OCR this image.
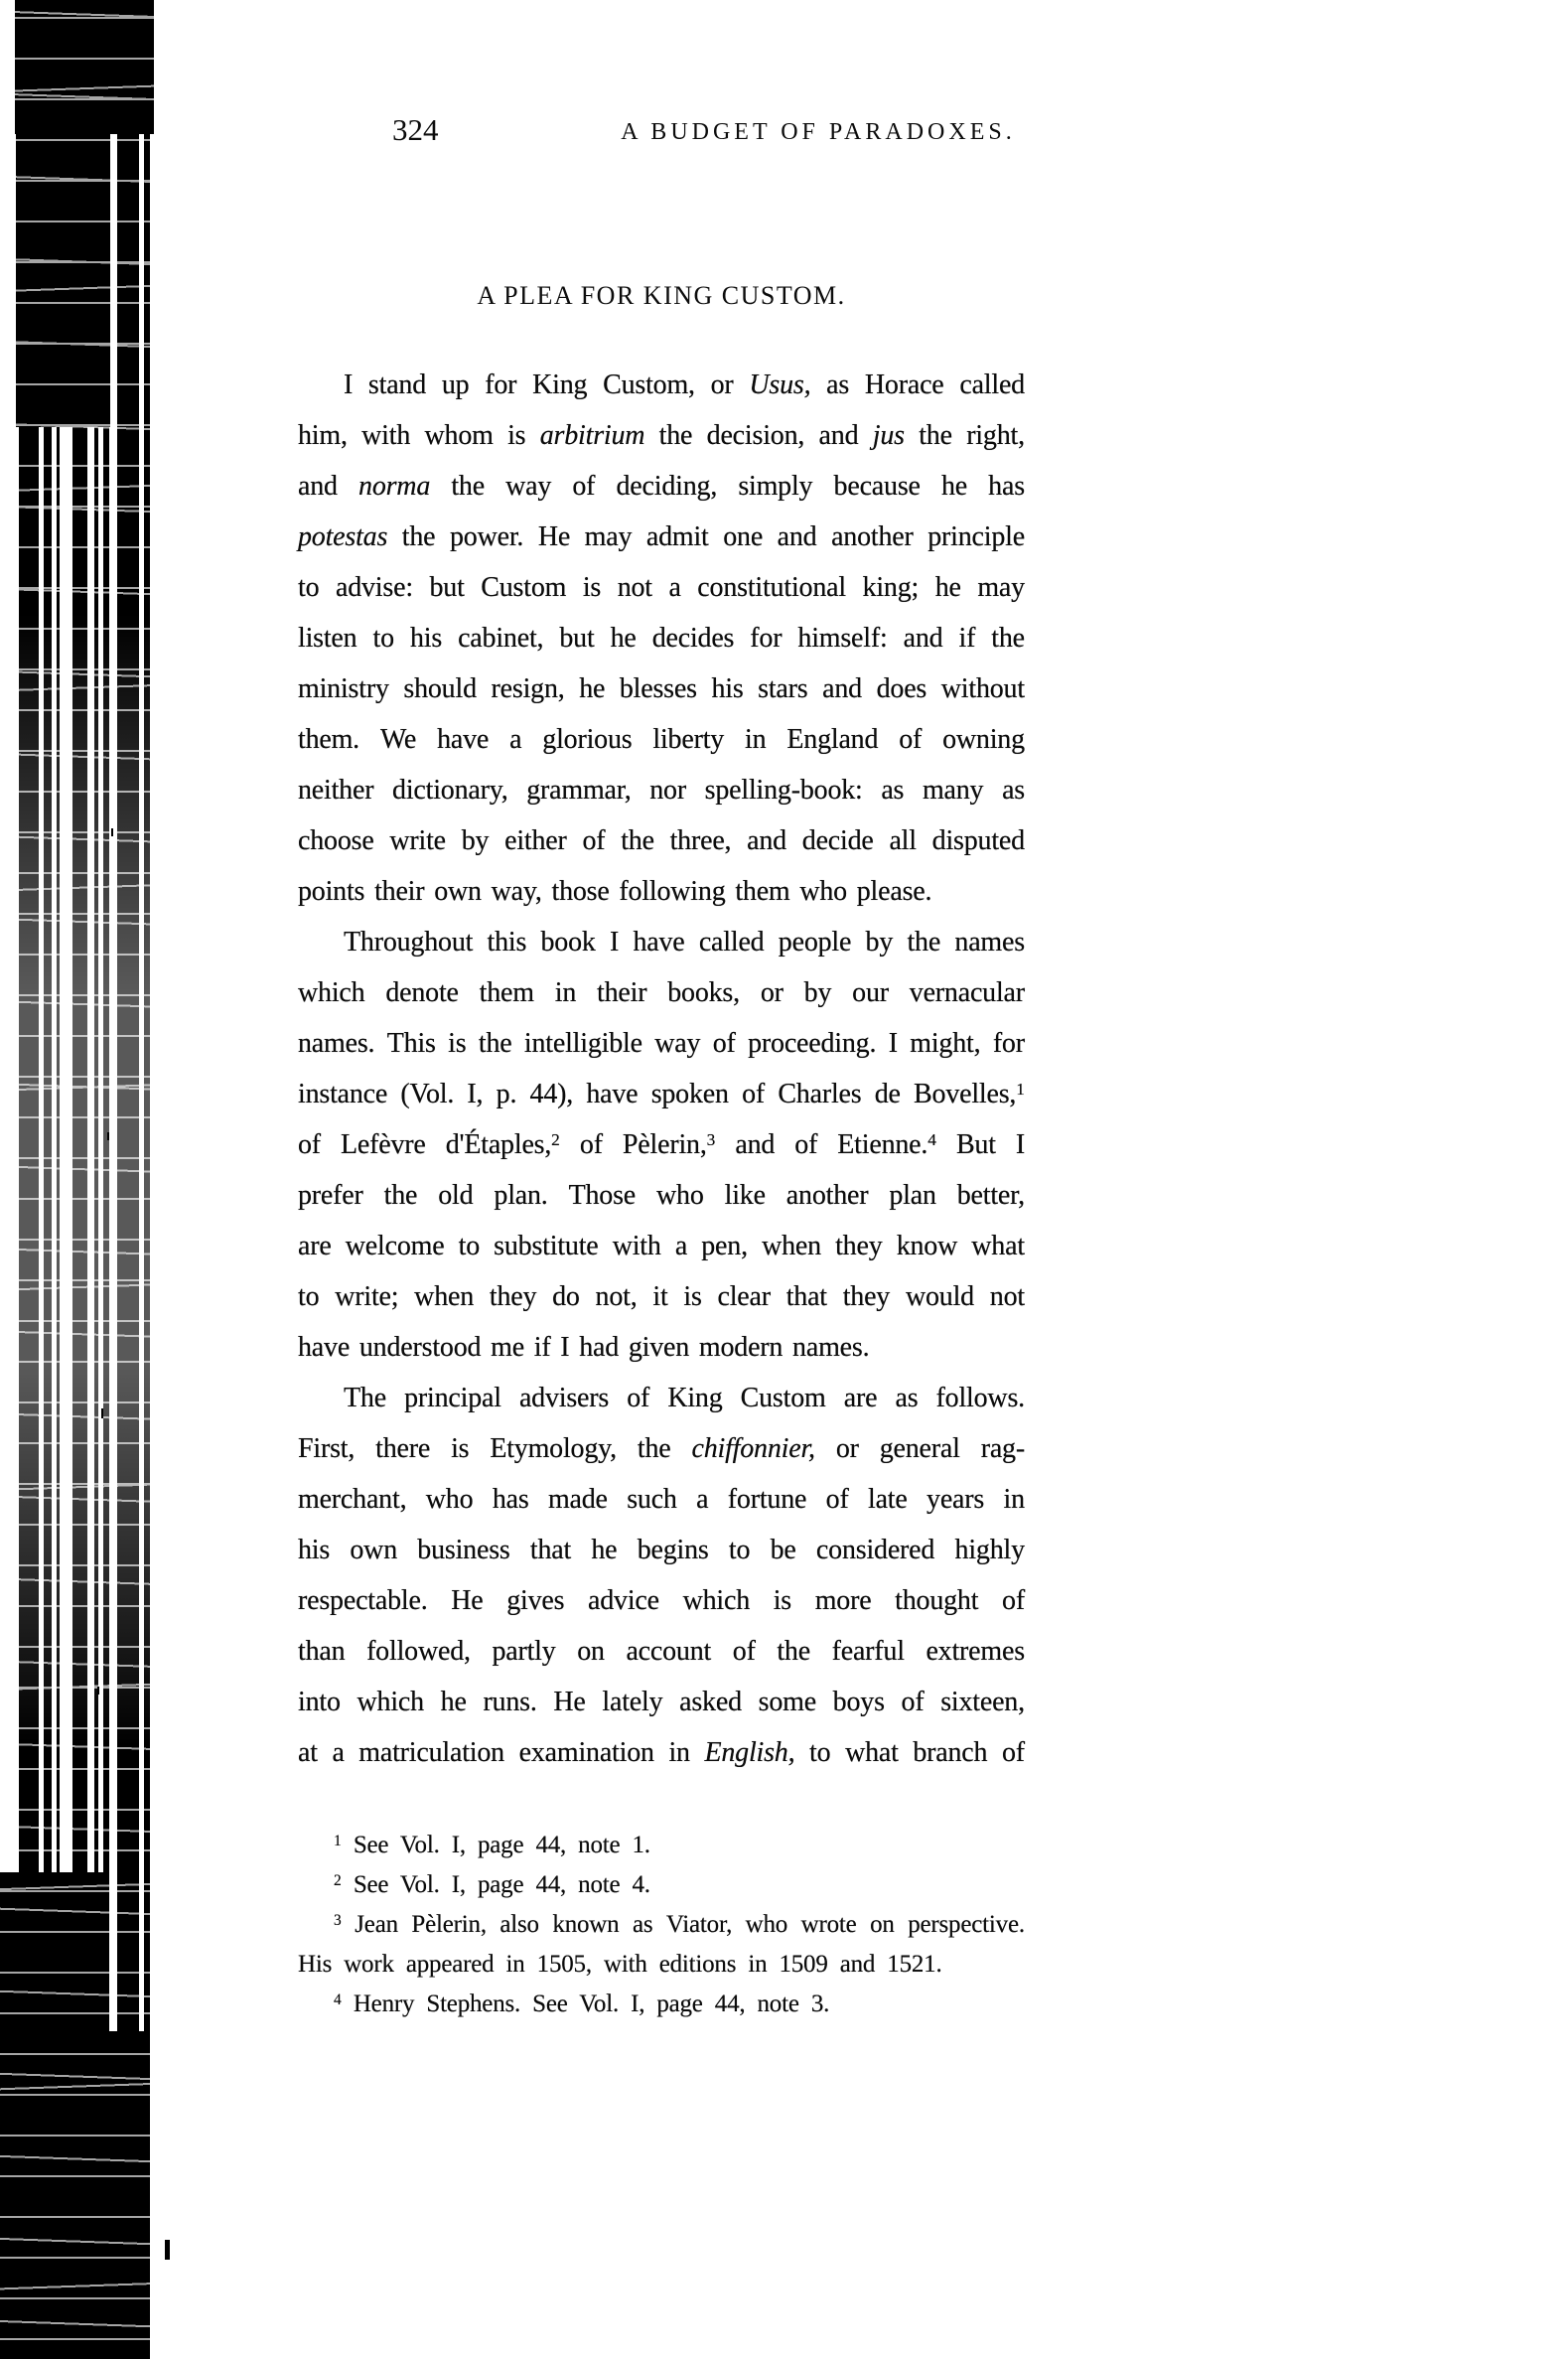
324	A BUDGET OF PARADOXES.
A PLEA FOR KING CUSTOM.
I stand up for King Custom, or Usus, as Horace called
him, with whom is arbitrium the decision, and jus the right,
and norma the way of deciding, simply because he has
potestas the power. He may admit one and another principle
to advise: but Custom is not a constitutional king; he may
listen to his cabinet, but he decides for himself: and if the
ministry should resign, he blesses his stars and does without
them. We have a glorious liberty in England of owning
neither dictionary, grammar, nor spelling-book: as many as
choose write by either of the three, and decide all disputed
points their own way, those following them who please.
Throughout this book I have called people by the names
which denote them in their books, or by our vernacular
names. This is the intelligible way of proceeding. I might, for
instance (Vol. I, p. 44), have spoken of Charles de Bovelles,$^1$
of Lefèvre d'Étaples,$^2$ of Pèlerin,$^3$ and of Etienne.$^4$ But I
prefer the old plan. Those who like another plan better,
are welcome to substitute with a pen, when they know what
to write; when they do not, it is clear that they would not
have understood me if I had given modern names.
The principal advisers of King Custom are as follows.
First, there is Etymology, the chiffonnier, or general rag-
merchant, who has made such a fortune of late years in
his own business that he begins to be considered highly
respectable. He gives advice which is more thought of
than followed, partly on account of the fearful extremes
into which he runs. He lately asked some boys of sixteen,
at a matriculation examination in English, to what branch of
$^1$ See Vol. I, page 44, note 1.
$^2$ See Vol. I, page 44, note 4.
$^3$ Jean Pèlerin, also known as Viator, who wrote on perspective.
His work appeared in 1505, with editions in 1509 and 1521.
$^4$ Henry Stephens. See Vol. I, page 44, note 3.
